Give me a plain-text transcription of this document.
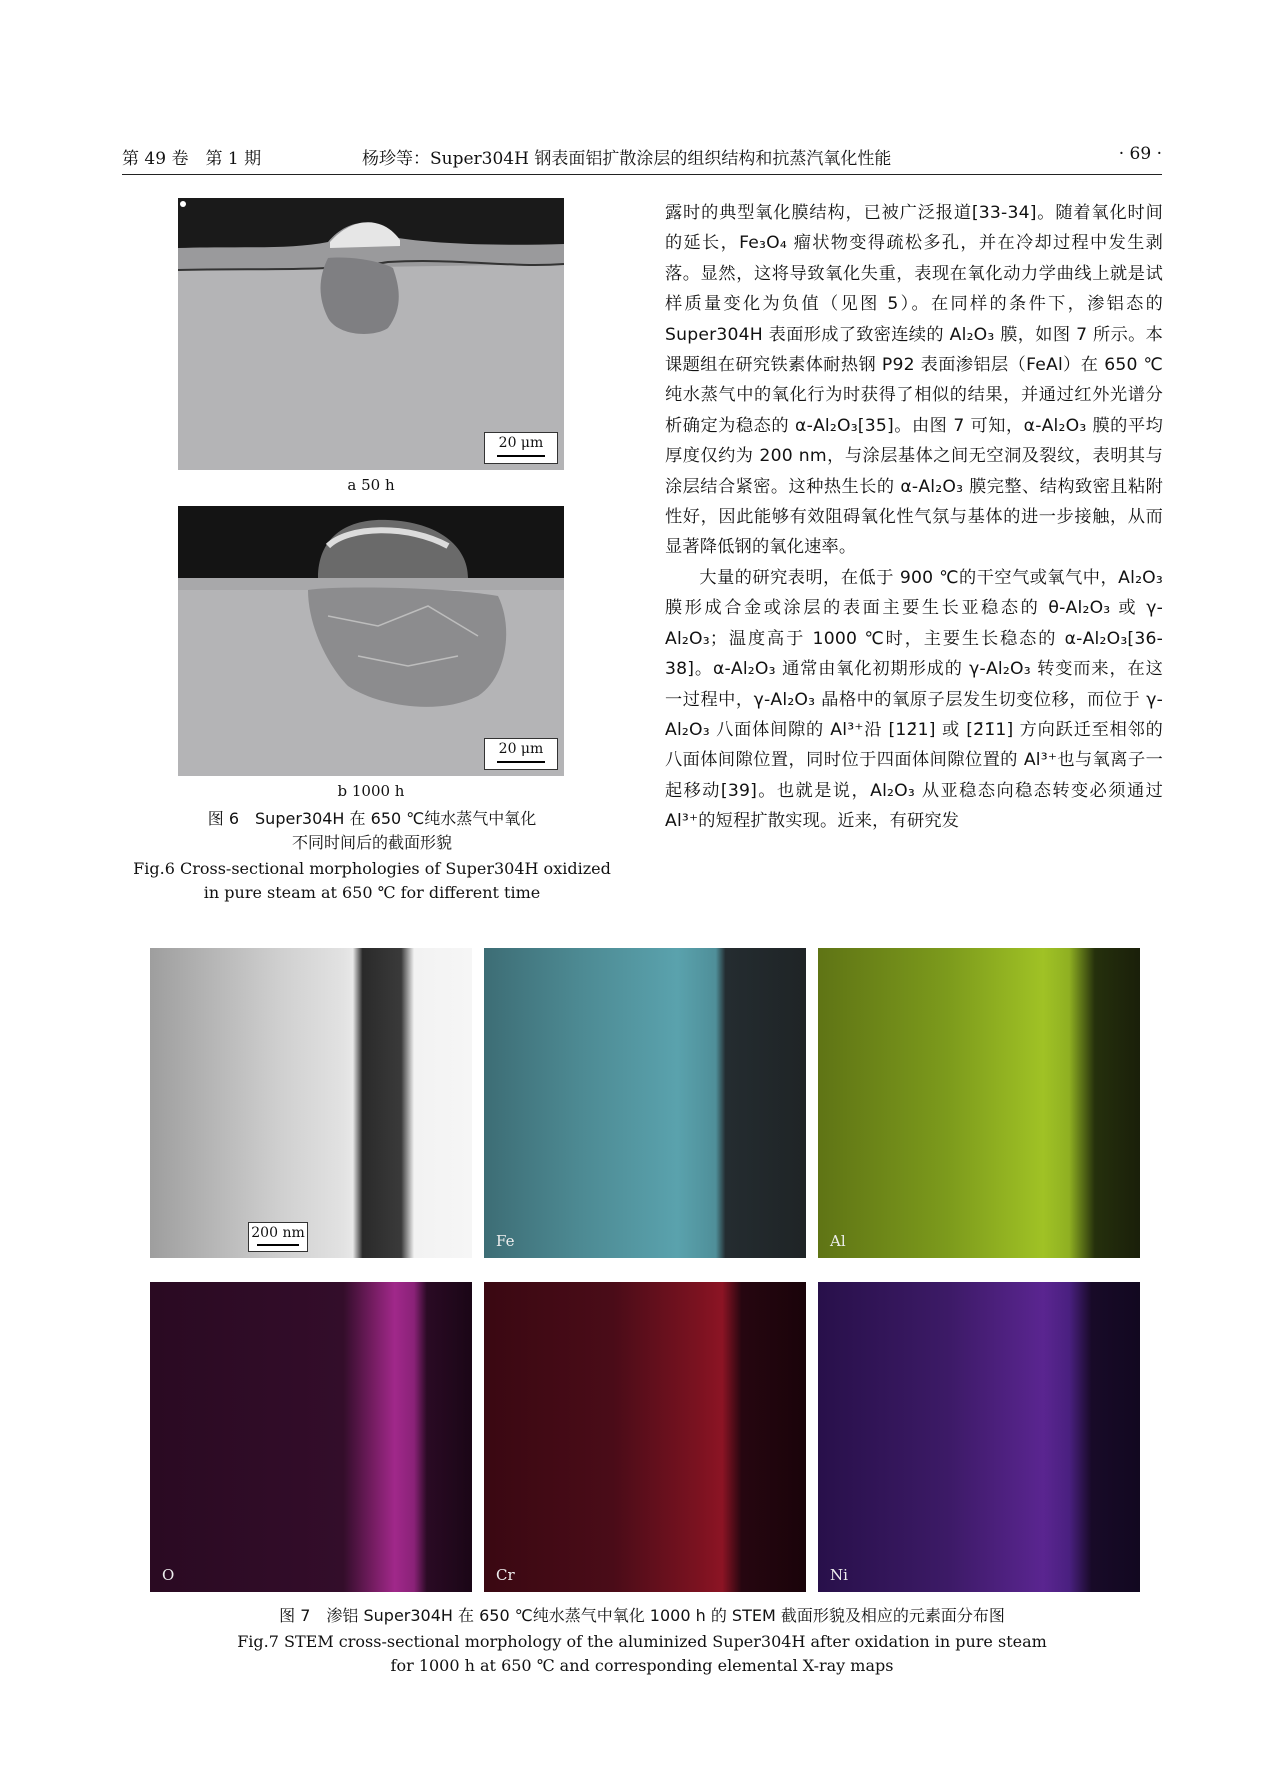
第 49 卷　第 1 期	杨珍等：Super304H 钢表面铝扩散涂层的组织结构和抗蒸汽氧化性能	· 69 ·
20 μm
a 50 h
20 μm
b 1000 h
图 6　Super304H 在 650 ℃纯水蒸气中氧化
不同时间后的截面形貌
Fig.6 Cross-sectional morphologies of Super304H oxidized
in pure steam at 650 ℃ for different time

露时的典型氧化膜结构，已被广泛报道[33-34]。随着氧化时间的延长，Fe₃O₄ 瘤状物变得疏松多孔，并在冷却过程中发生剥落。显然，这将导致氧化失重，表现在氧化动力学曲线上就是试样质量变化为负值（见图 5）。在同样的条件下，渗铝态的 Super304H 表面形成了致密连续的 Al₂O₃ 膜，如图 7 所示。本课题组在研究铁素体耐热钢 P92 表面渗铝层（FeAl）在 650 ℃纯水蒸气中的氧化行为时获得了相似的结果，并通过红外光谱分析确定为稳态的 α-Al₂O₃[35]。由图 7 可知，α-Al₂O₃ 膜的平均厚度仅约为 200 nm，与涂层基体之间无空洞及裂纹，表明其与涂层结合紧密。这种热生长的 α-Al₂O₃ 膜完整、结构致密且粘附性好，因此能够有效阻碍氧化性气氛与基体的进一步接触，从而显著降低钢的氧化速率。

大量的研究表明，在低于 900 ℃的干空气或氧气中，Al₂O₃ 膜形成合金或涂层的表面主要生长亚稳态的 θ-Al₂O₃ 或 γ-Al₂O₃；温度高于 1000 ℃时，主要生长稳态的 α-Al₂O₃[36-38]。α-Al₂O₃ 通常由氧化初期形成的 γ-Al₂O₃ 转变而来，在这一过程中，γ-Al₂O₃ 晶格中的氧原子层发生切变位移，而位于 γ-Al₂O₃ 八面体间隙的 Al³⁺沿 [12̄1] 或 [2̄1̄1] 方向跃迁至相邻的八面体间隙位置，同时位于四面体间隙位置的 Al³⁺也与氧离子一起移动[39]。也就是说，Al₂O₃ 从亚稳态向稳态转变必须通过 Al³⁺的短程扩散实现。近来，有研究发

200 nm	Fe	Al
O	Cr	Ni
图 7　渗铝 Super304H 在 650 ℃纯水蒸气中氧化 1000 h 的 STEM 截面形貌及相应的元素面分布图
Fig.7 STEM cross-sectional morphology of the aluminized Super304H after oxidation in pure steam
for 1000 h at 650 ℃ and corresponding elemental X-ray maps
